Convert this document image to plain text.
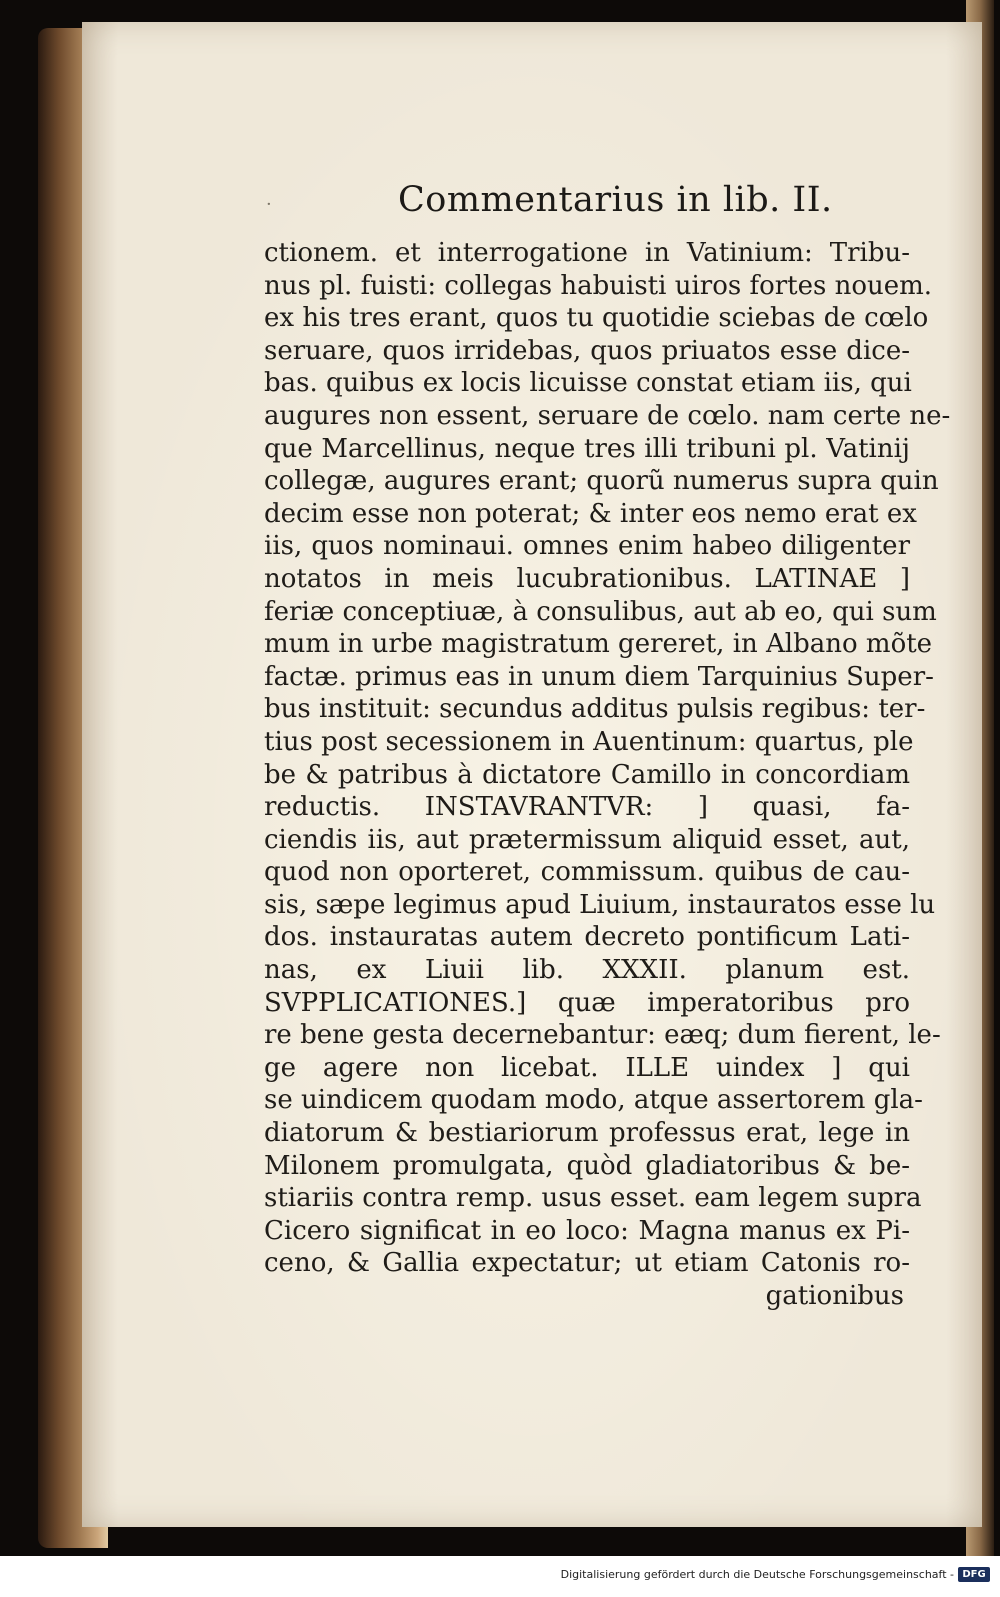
·	Commentarius in lib. II.
ctionem. et interrogatione in Vatinium: Tribu-
nus pl. fuisti: collegas habuisti uiros fortes nouem.
ex his tres erant, quos tu quotidie sciebas de cœlo
seruare, quos irridebas, quos priuatos esse dice-
bas. quibus ex locis licuisse constat etiam iis, qui
augures non essent, seruare de cœlo. nam certe ne-
que Marcellinus, neque tres illi tribuni pl. Vatinij
collegæ, augures erant; quorũ numerus supra quin
decim esse non poterat; & inter eos nemo erat ex
iis, quos nominaui. omnes enim habeo diligenter
notatos in meis lucubrationibus. LATINAE ]
feriæ conceptiuæ, à consulibus, aut ab eo, qui sum
mum in urbe magistratum gereret, in Albano mõte
factæ. primus eas in unum diem Tarquinius Super-
bus instituit: secundus additus pulsis regibus: ter-
tius post secessionem in Auentinum: quartus, ple
be & patribus à dictatore Camillo in concordiam
reductis. INSTAVRANTVR: ] quasi, fa-
ciendis iis, aut prætermissum aliquid esset, aut,
quod non oporteret, commissum. quibus de cau-
sis, sæpe legimus apud Liuium, instauratos esse lu
dos. instauratas autem decreto pontificum Lati-
nas, ex Liuii lib. XXXII. planum est.
SVPPLICATIONES.] quæ imperatoribus pro
re bene gesta decernebantur: eæq; dum fierent, le-
ge agere non licebat. ILLE uindex ] qui
se uindicem quodam modo, atque assertorem gla-
diatorum & bestiariorum professus erat, lege in
Milonem promulgata, quòd gladiatoribus & be-
stiariis contra remp. usus esset. eam legem supra
Cicero significat in eo loco: Magna manus ex Pi-
ceno, & Gallia expectatur; ut etiam Catonis ro-
gationibus
Digitalisierung gefördert durch die Deutsche Forschungsgemeinschaft - DFG
